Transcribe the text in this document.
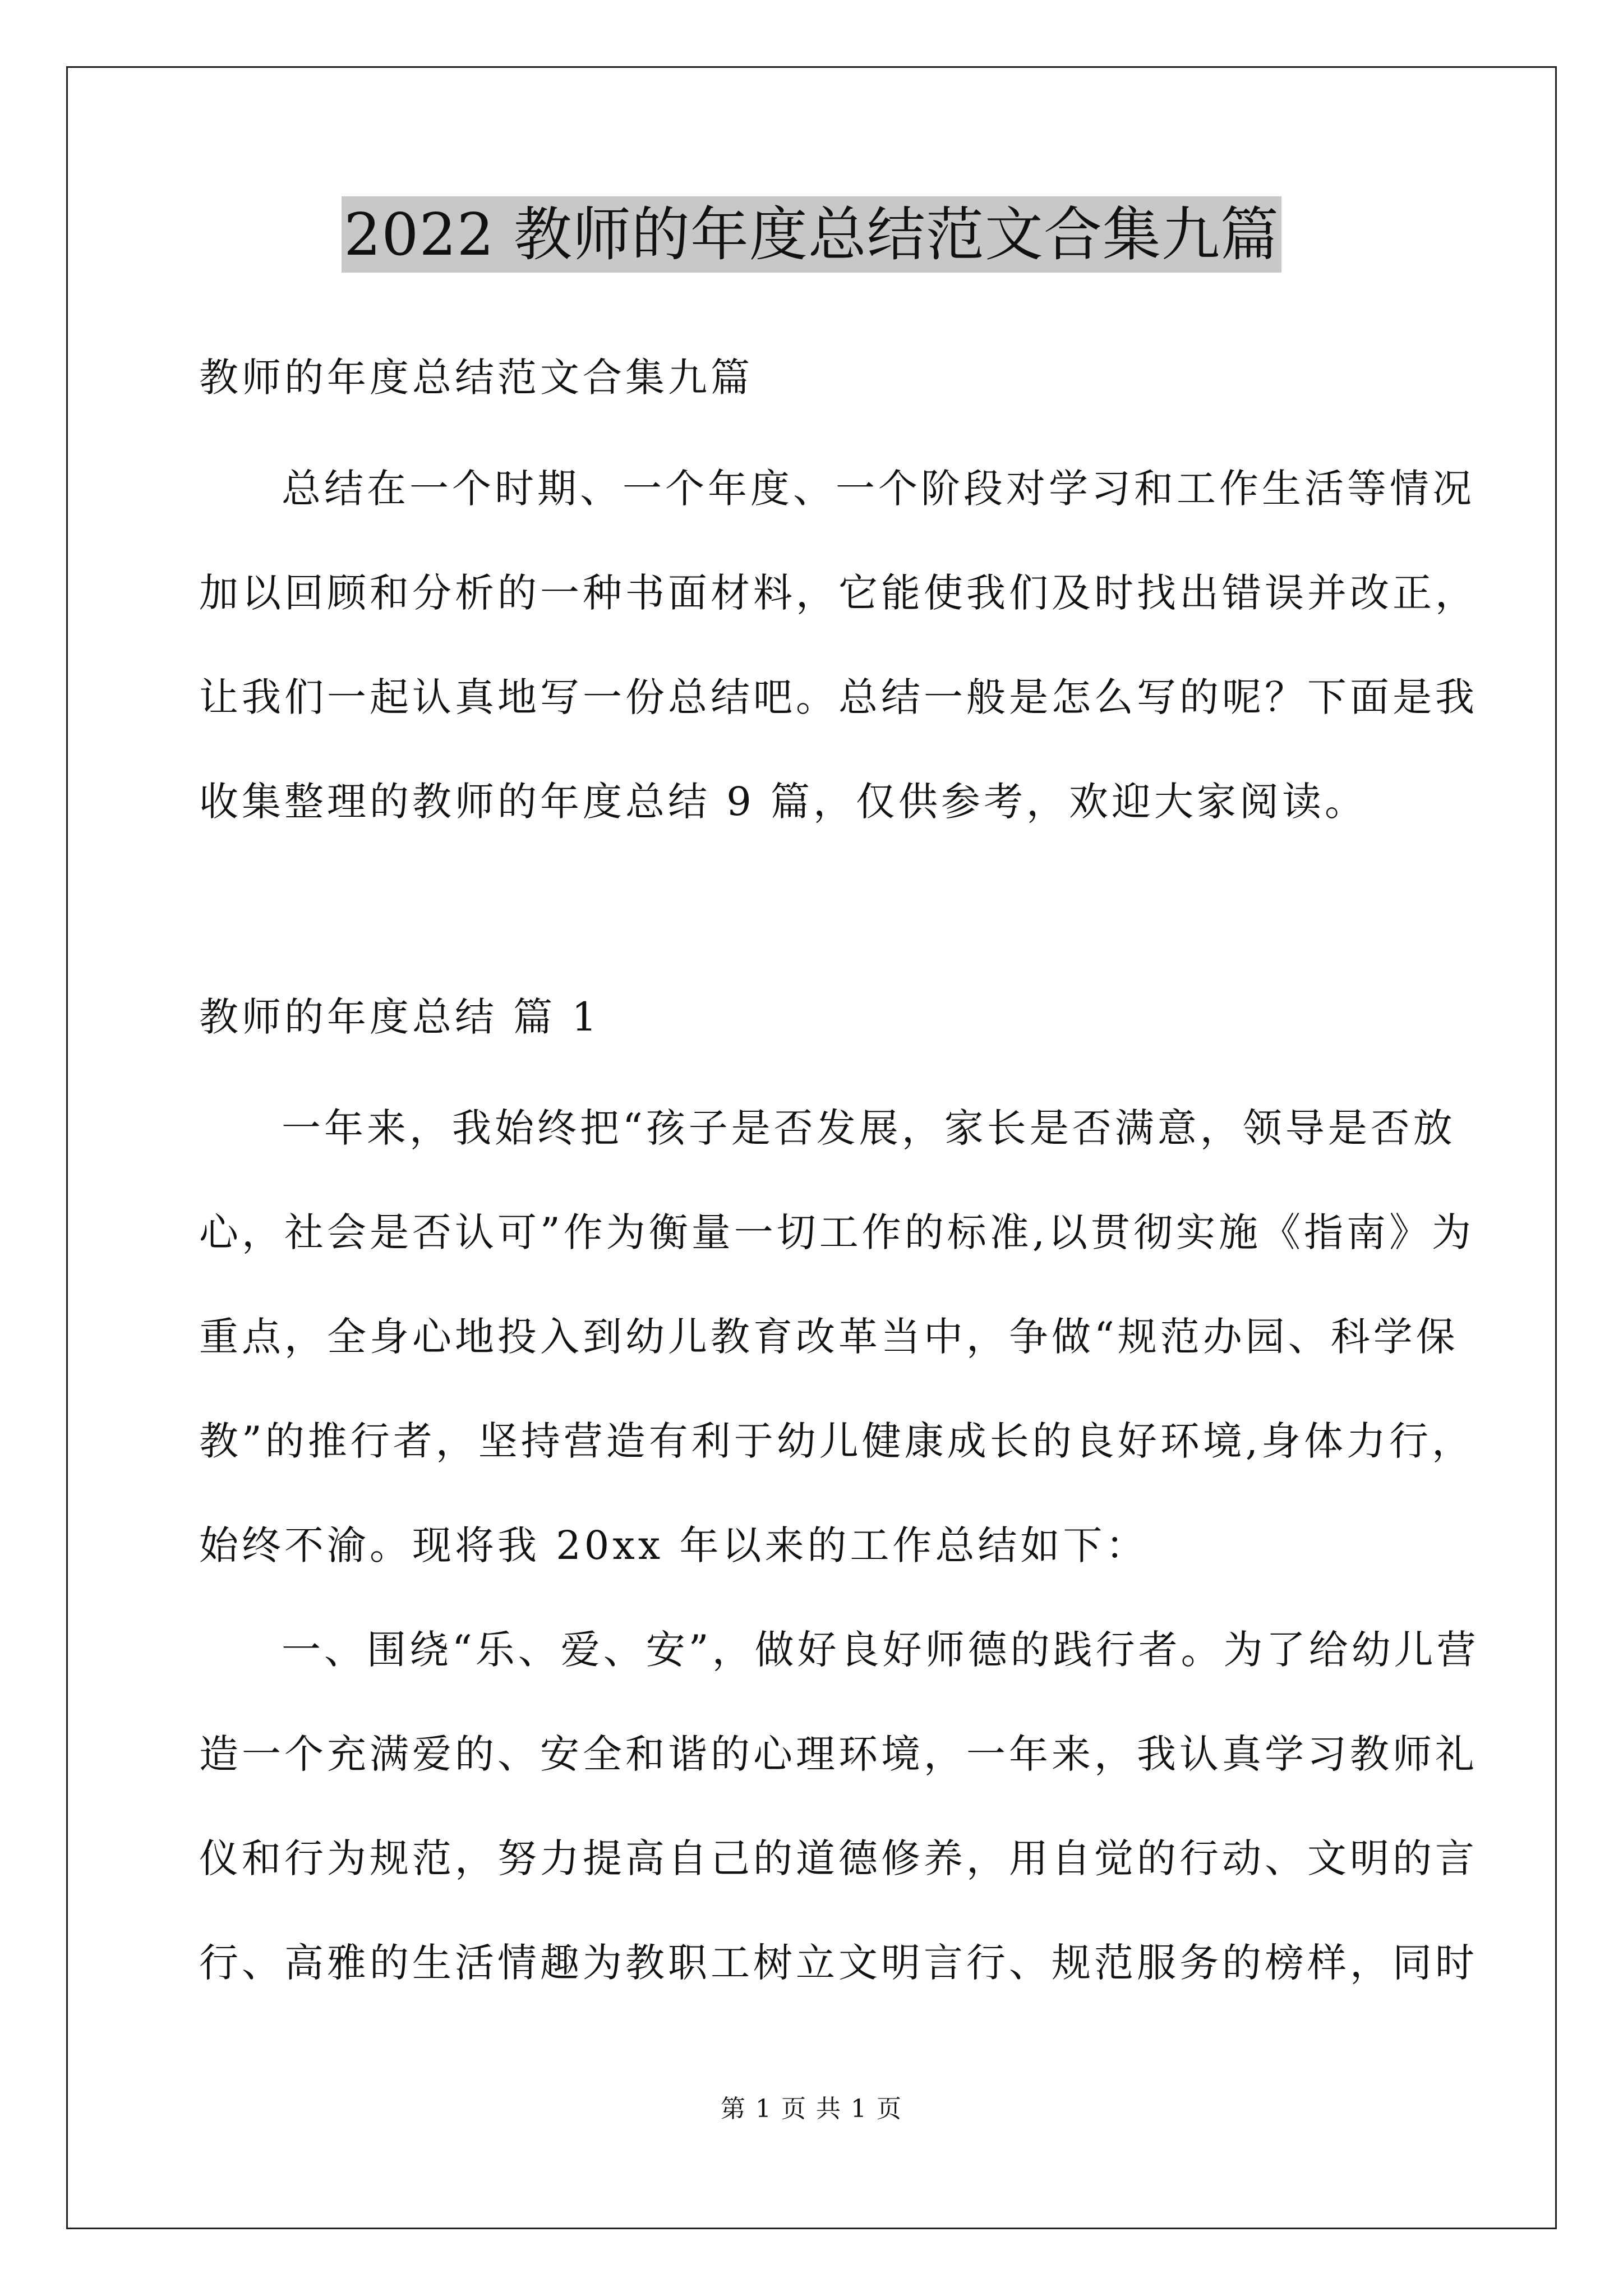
2022 教师的年度总结范文合集九篇
教师的年度总结范文合集九篇
总结在一个时期、一个年度、一个阶段对学习和工作生活等情况
加以回顾和分析的一种书面材料，它能使我们及时找出错误并改正，
让我们一起认真地写一份总结吧。总结一般是怎么写的呢？下面是我
收集整理的教师的年度总结 9 篇，仅供参考，欢迎大家阅读。
教师的年度总结 篇 1
一年来，我始终把“孩子是否发展，家长是否满意，领导是否放
心，社会是否认可”作为衡量一切工作的标准,以贯彻实施《指南》为
重点，全身心地投入到幼儿教育改革当中，争做“规范办园、科学保
教”的推行者，坚持营造有利于幼儿健康成长的良好环境,身体力行，
始终不渝。现将我 20xx 年以来的工作总结如下：
一、围绕“乐、爱、安”，做好良好师德的践行者。为了给幼儿营
造一个充满爱的、安全和谐的心理环境，一年来，我认真学习教师礼
仪和行为规范，努力提高自己的道德修养，用自觉的行动、文明的言
行、高雅的生活情趣为教职工树立文明言行、规范服务的榜样，同时
第 1 页 共 1 页
